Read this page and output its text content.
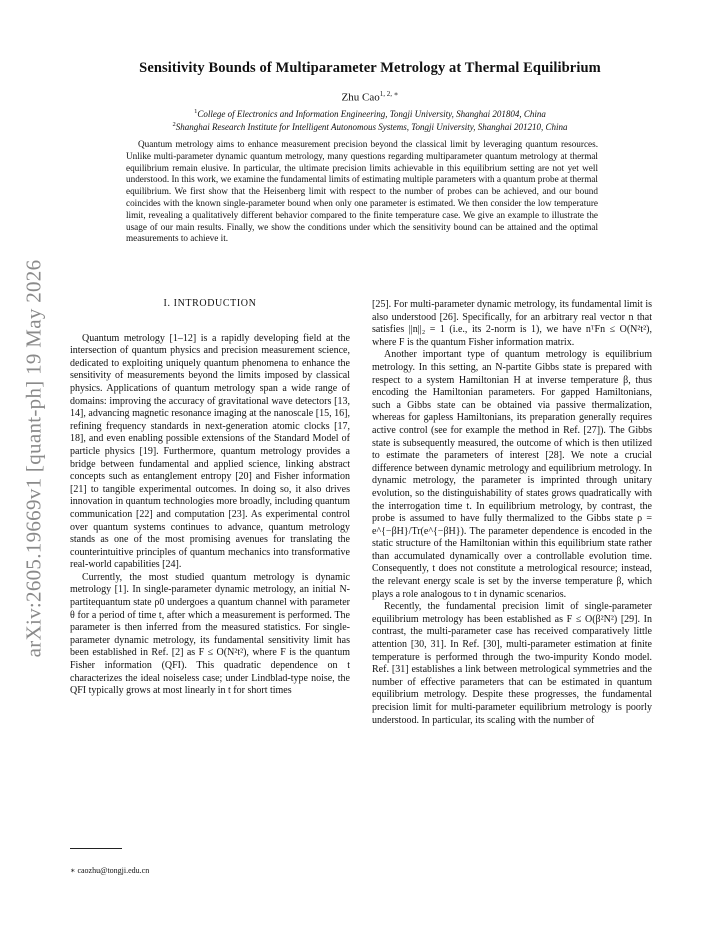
arXiv:2605.19669v1 [quant-ph] 19 May 2026
Sensitivity Bounds of Multiparameter Metrology at Thermal Equilibrium
Zhu Cao$^{1, 2, ∗}$
$^1$College of Electronics and Information Engineering, Tongji University, Shanghai 201804, China
$^2$Shanghai Research Institute for Intelligent Autonomous Systems, Tongji University, Shanghai 201210, China
Quantum metrology aims to enhance measurement precision beyond the classical limit by leveraging quantum resources. Unlike multi-parameter dynamic quantum metrology, many questions regarding multiparameter quantum metrology at thermal equilibrium remain elusive. In particular, the ultimate precision limits achievable in this equilibrium setting are not yet well understood. In this work, we examine the fundamental limits of estimating multiple parameters with a quantum probe at thermal equilibrium. We first show that the Heisenberg limit with respect to the number of probes can be achieved, and our bound coincides with the known single-parameter bound when only one parameter is estimated. We then consider the low temperature limit, revealing a qualitatively different behavior compared to the finite temperature case. We give an example to illustrate the usage of our main results. Finally, we show the conditions under which the sensitivity bound can be attained and the optimal measurements to achieve it.
I. INTRODUCTION

Quantum metrology [1–12] is a rapidly developing field at the intersection of quantum physics and precision measurement science, dedicated to exploiting uniquely quantum phenomena to enhance the sensitivity of measurements beyond the limits imposed by classical physics. Applications of quantum metrology span a wide range of domains: improving the accuracy of gravitational wave detectors [13, 14], advancing magnetic resonance imaging at the nanoscale [15, 16], refining frequency standards in next-generation atomic clocks [17, 18], and even enabling possible extensions of the Standard Model of particle physics [19]. Furthermore, quantum metrology provides a bridge between fundamental and applied science, linking abstract concepts such as entanglement entropy [20] and Fisher information [21] to tangible experimental outcomes. In doing so, it also drives innovation in quantum technologies more broadly, including quantum communication [22] and computation [23]. As experimental control over quantum systems continues to advance, quantum metrology stands as one of the most promising avenues for translating the counterintuitive principles of quantum mechanics into transformative real-world capabilities [24].

Currently, the most studied quantum metrology is dynamic metrology [1]. In single-parameter dynamic metrology, an initial N-partitequantum state ρ0 undergoes a quantum channel with parameter θ for a period of time t, after which a measurement is performed. The parameter is then inferred from the measured statistics. For single-parameter dynamic metrology, its fundamental sensitivity limit has been established in Ref. [2] as F ≤ O(N²t²), where F is the quantum Fisher information (QFI). This quadratic dependence on t characterizes the ideal noiseless case; under Lindblad-type noise, the QFI typically grows at most linearly in t for short times

[25]. For multi-parameter dynamic metrology, its fundamental limit is also understood [26]. Specifically, for an arbitrary real vector n that satisfies ||n||₂ = 1 (i.e., its 2-norm is 1), we have nᵀFn ≤ O(N²t²), where F is the quantum Fisher information matrix.

Another important type of quantum metrology is equilibrium metrology. In this setting, an N-partite Gibbs state is prepared with respect to a system Hamiltonian H at inverse temperature β, thus encoding the Hamiltonian parameters. For gapped Hamiltonians, such a Gibbs state can be obtained via passive thermalization, whereas for gapless Hamiltonians, its preparation generally requires active control (see for example the method in Ref. [27]). The Gibbs state is subsequently measured, the outcome of which is then utilized to estimate the parameters of interest [28]. We note a crucial difference between dynamic metrology and equilibrium metrology. In dynamic metrology, the parameter is imprinted through unitary evolution, so the distinguishability of states grows quadratically with the interrogation time t. In equilibrium metrology, by contrast, the probe is assumed to have fully thermalized to the Gibbs state ρ = e^{−βH}/Tr(e^{−βH}). The parameter dependence is encoded in the static structure of the Hamiltonian within this equilibrium state rather than accumulated dynamically over a controllable evolution time. Consequently, t does not constitute a metrological resource; instead, the relevant energy scale is set by the inverse temperature β, which plays a role analogous to t in dynamic scenarios.

Recently, the fundamental precision limit of single-parameter equilibrium metrology has been established as F ≤ O(β²N²) [29]. In contrast, the multi-parameter case has received comparatively little attention [30, 31]. In Ref. [30], multi-parameter estimation at finite temperature is performed through the two-impurity Kondo model. Ref. [31] establishes a link between metrological symmetries and the number of effective parameters that can be estimated in quantum equilibrium metrology. Despite these progresses, the fundamental precision limit for multi-parameter equilibrium metrology is poorly understood. In particular, its scaling with the number of

∗ caozhu@tongji.edu.cn
